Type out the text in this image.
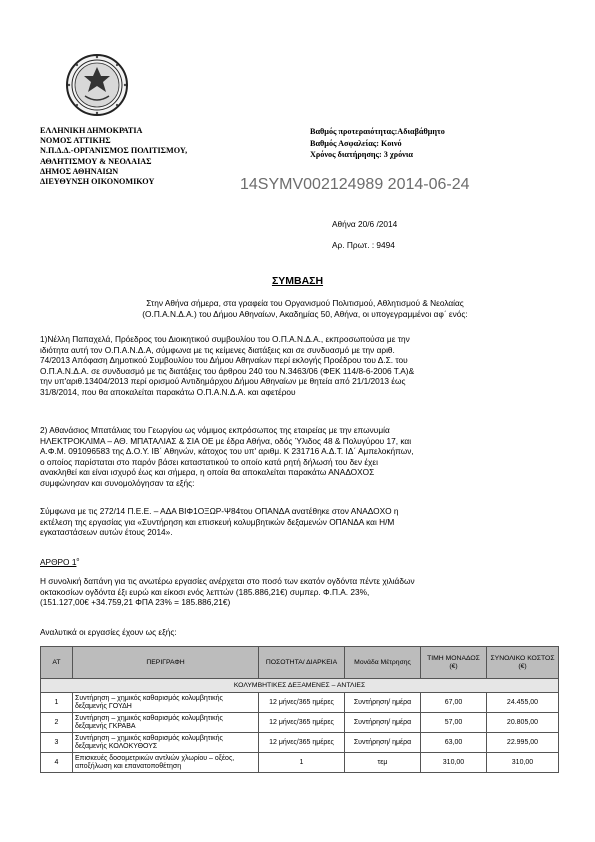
ΕΛΛΗΝΙΚΗ ΔΗΜΟΚΡΑΤΙΑ
ΝΟΜΟΣ ΑΤΤΙΚΗΣ
Ν.Π.Δ.Δ.-ΟΡΓΑΝΙΣΜΟΣ ΠΟΛΙΤΙΣΜΟΥ,
ΑΘΛΗΤΙΣΜΟΥ & ΝΕΟΛΑΙΑΣ
ΔΗΜΟΣ ΑΘΗΝΑΙΩΝ
ΔΙΕΥΘΥΝΣΗ ΟΙΚΟΝΟΜΙΚΟΥ
Βαθμός προτεραιότητας:Αδιαβάθμητο
Βαθμός Ασφαλείας: Κοινό
Χρόνος διατήρησης: 3 χρόνια
14SYMV002124989 2014-06-24
Αθήνα 20/6 /2014
Αρ. Πρωτ. : 9494
ΣΥΜΒΑΣΗ
Στην Αθήνα σήμερα, στα γραφεία του Οργανισμού Πολιτισμού, Αθλητισμού & Νεολαίας
(Ο.Π.Α.Ν.Δ.Α.) του Δήμου Αθηναίων, Ακαδημίας 50, Αθήνα, οι υπογεγραμμένοι αφ΄ ενός:
1)Νέλλη Παπαχελά, Πρόεδρος του Διοικητικού συμβουλίου του Ο.Π.Α.Ν.Δ.Α., εκπροσωπούσα με την
ιδιότητα αυτή τον Ο.Π.Α.Ν.Δ.Α, σύμφωνα με τις κείμενες διατάξεις και σε συνδυασμό με την αριθ.
74/2013 Απόφαση Δημοτικού Συμβουλίου του Δήμου Αθηναίων περί εκλογής Προέδρου του Δ.Σ. του
Ο.Π.Α.Ν.Δ.Α. σε συνδυασμό με τις διατάξεις του άρθρου 240 του Ν.3463/06 (ΦΕΚ 114/8-6-2006 Τ.Α)&
την υπ'αριθ.13404/2013 περί ορισμού Αντιδημάρχου Δήμου Αθηναίων με θητεία από 21/1/2013 έως
31/8/2014, που θα αποκαλείται παρακάτω Ο.Π.Α.Ν.Δ.Α. και αφετέρου
2) Αθανάσιος Μπατάλιας του Γεωργίου ως νόμιμος εκπρόσωπος της εταιρείας με την επωνυμία
ΗΛΕΚΤΡΟΚΛΙΜΑ – ΑΘ. ΜΠΑΤΑΛΙΑΣ & ΣΙΑ ΟΕ με έδρα Αθήνα, οδός Ύλιδος 48 & Πολυγύρου 17, και
Α.Φ.Μ. 091096583 της Δ.Ο.Υ. ΙΒ΄ Αθηνών, κάτοχος του υπ' αριθμ. Κ 231716 Α.Δ.Τ. ΙΔ΄ Αμπελοκήπων,
ο οποίος παρίσταται στο παρόν βάσει καταστατικού το οποίο κατά ρητή δήλωσή του δεν έχει
ανακληθεί και είναι ισχυρό έως και σήμερα, η οποία θα αποκαλείται παρακάτω ΑΝΑΔΟΧΟΣ
συμφώνησαν και συνομολόγησαν τα εξής:
Σύμφωνα με τις 272/14 Π.Ε.Ε. – ΑΔΑ ΒΙΦ1ΟΞΩΡ-Ψ84του ΟΠΑΝΔΑ ανατέθηκε στον ΑΝΑΔΟΧΟ η
εκτέλεση της εργασίας για «Συντήρηση και επισκευή κολυμβητικών δεξαμενών ΟΠΑΝΔΑ και Η/Μ
εγκαταστάσεων αυτών έτους 2014».
ΑΡΘΡΟ $1^o$
Η συνολική δαπάνη για τις ανωτέρω εργασίες ανέρχεται στο ποσό των εκατόν ογδόντα πέντε χιλιάδων
οκτακοσίων ογδόντα έξι ευρώ και είκοσι ενός λεπτών (185.886,21€) συμπερ. Φ.Π.Α. 23%,
(151.127,00€ +34.759,21 ΦΠΑ 23% = 185.886,21€)
Αναλυτικά οι εργασίες έχουν ως εξής:
ΑΤ	ΠΕΡΙΓΡΑΦΗ	ΠΟΣΟΤΗΤΑ/ ΔΙΑΡΚΕΙΑ	Μονάδα Μέτρησης	ΤΙΜΗ ΜΟΝΑΔΟΣ (€)	ΣΥΝΟΛΙΚΟ ΚΟΣΤΟΣ (€)
ΚΟΛΥΜΒΗΤΙΚΕΣ ΔΕΞΑΜΕΝΕΣ – ΑΝΤΛΙΕΣ					
1	Συντήρηση – χημικός καθαρισμός κολυμβητικής δεξαμενής ΓΟΥΔΗ	12 μήνες/365 ημέρες	Συντήρηση/ ημέρα	67,00	24.455,00
2	Συντήρηση – χημικός καθαρισμός κολυμβητικής δεξαμενής ΓΚΡΑΒΑ	12 μήνες/365 ημέρες	Συντήρηση/ ημέρα	57,00	20.805,00
3	Συντήρηση – χημικός καθαρισμός κολυμβητικής δεξαμενής ΚΟΛΟΚΥΘΟΥΣ	12 μήνες/365 ημέρες	Συντήρηση/ ημέρα	63,00	22.995,00
4	Επισκευές δοσομετρικών αντλιών χλωρίου – οξέος, αποξήλωση και επανατοποθέτηση	1	τεμ	310,00	310,00
